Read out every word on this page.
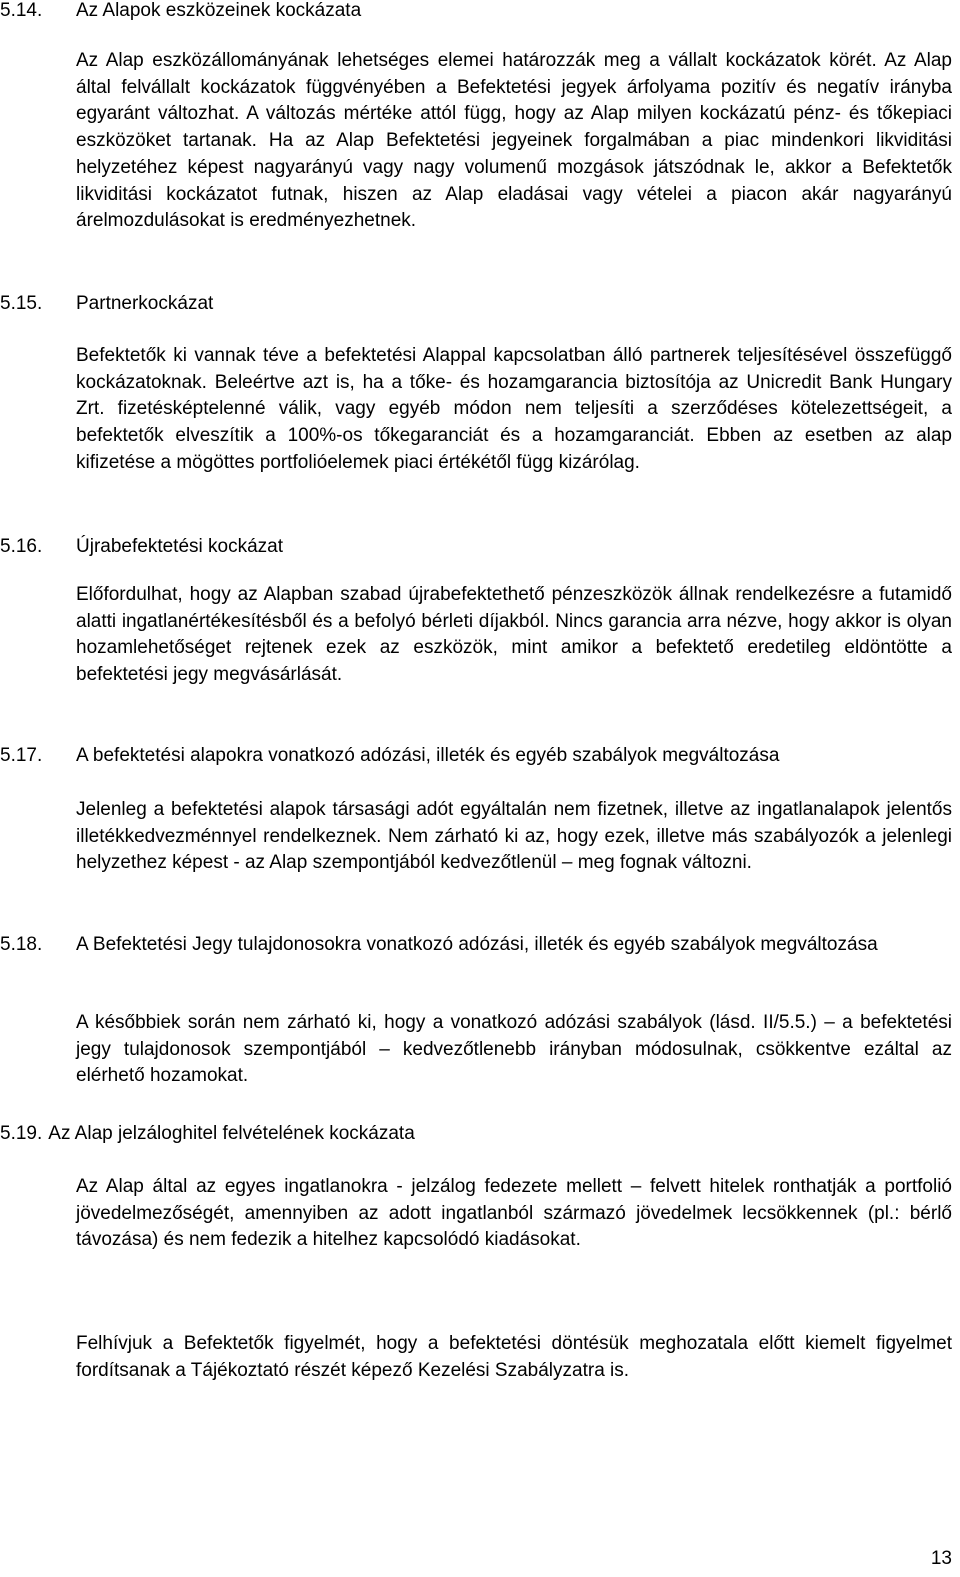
5.14.	Az Alapok eszközeinek kockázata

Az Alap eszközállományának lehetséges elemei határozzák meg a vállalt kockázatok körét. Az Alap által felvállalt kockázatok függvényében a Befektetési jegyek árfolyama pozitív és negatív irányba egyaránt változhat. A változás mértéke attól függ, hogy az Alap milyen kockázatú pénz- és tőkepiaci eszközöket tartanak. Ha az Alap Befektetési jegyeinek forgalmában a piac mindenkori likviditási helyzetéhez képest nagyarányú vagy nagy volumenű mozgások játszódnak le, akkor a Befektetők likviditási kockázatot futnak, hiszen az Alap eladásai vagy vételei a piacon akár nagyarányú árelmozdulásokat is eredményezhetnek.

5.15.	Partnerkockázat

Befektetők ki vannak téve a befektetési Alappal kapcsolatban álló partnerek teljesítésével összefüggő kockázatoknak. Beleértve azt is, ha a tőke- és hozamgarancia biztosítója az Unicredit Bank Hungary Zrt. fizetésképtelenné válik, vagy egyéb módon nem teljesíti a szerződéses kötelezettségeit, a befektetők elveszítik a 100%-os tőkegaranciát és a hozamgaranciát. Ebben az esetben az alap kifizetése a mögöttes portfolióelemek piaci értékétől függ kizárólag.

5.16.	Újrabefektetési kockázat

Előfordulhat, hogy az Alapban szabad újrabefektethető pénzeszközök állnak rendelkezésre a futamidő alatti ingatlanértékesítésből és a befolyó bérleti díjakból. Nincs garancia arra nézve, hogy akkor is olyan hozamlehetőséget rejtenek ezek az eszközök, mint amikor a befektető eredetileg eldöntötte a befektetési jegy megvásárlását.

5.17.	A befektetési alapokra vonatkozó adózási, illeték és egyéb szabályok megváltozása

Jelenleg a befektetési alapok társasági adót egyáltalán nem fizetnek, illetve az ingatlanalapok jelentős illetékkedvezménnyel rendelkeznek. Nem zárható ki az, hogy ezek, illetve más szabályozók a jelenlegi helyzethez képest - az Alap szempontjából kedvezőtlenül – meg fognak változni.

5.18.	A Befektetési Jegy tulajdonosokra vonatkozó adózási, illeték és egyéb szabályok megváltozása

A későbbiek során nem zárható ki, hogy a vonatkozó adózási szabályok (lásd. II/5.5.) – a befektetési jegy tulajdonosok szempontjából – kedvezőtlenebb irányban módosulnak, csökkentve ezáltal az elérhető hozamokat.

5.19. Az Alap jelzáloghitel felvételének kockázata

Az Alap által az egyes ingatlanokra - jelzálog fedezete mellett – felvett hitelek ronthatják a portfolió jövedelmezőségét, amennyiben az adott ingatlanból származó jövedelmek lecsökkennek (pl.: bérlő távozása) és nem fedezik a hitelhez kapcsolódó kiadásokat.

Felhívjuk a Befektetők figyelmét, hogy a befektetési döntésük meghozatala előtt kiemelt figyelmet fordítsanak a Tájékoztató részét képező Kezelési Szabályzatra is.

13
